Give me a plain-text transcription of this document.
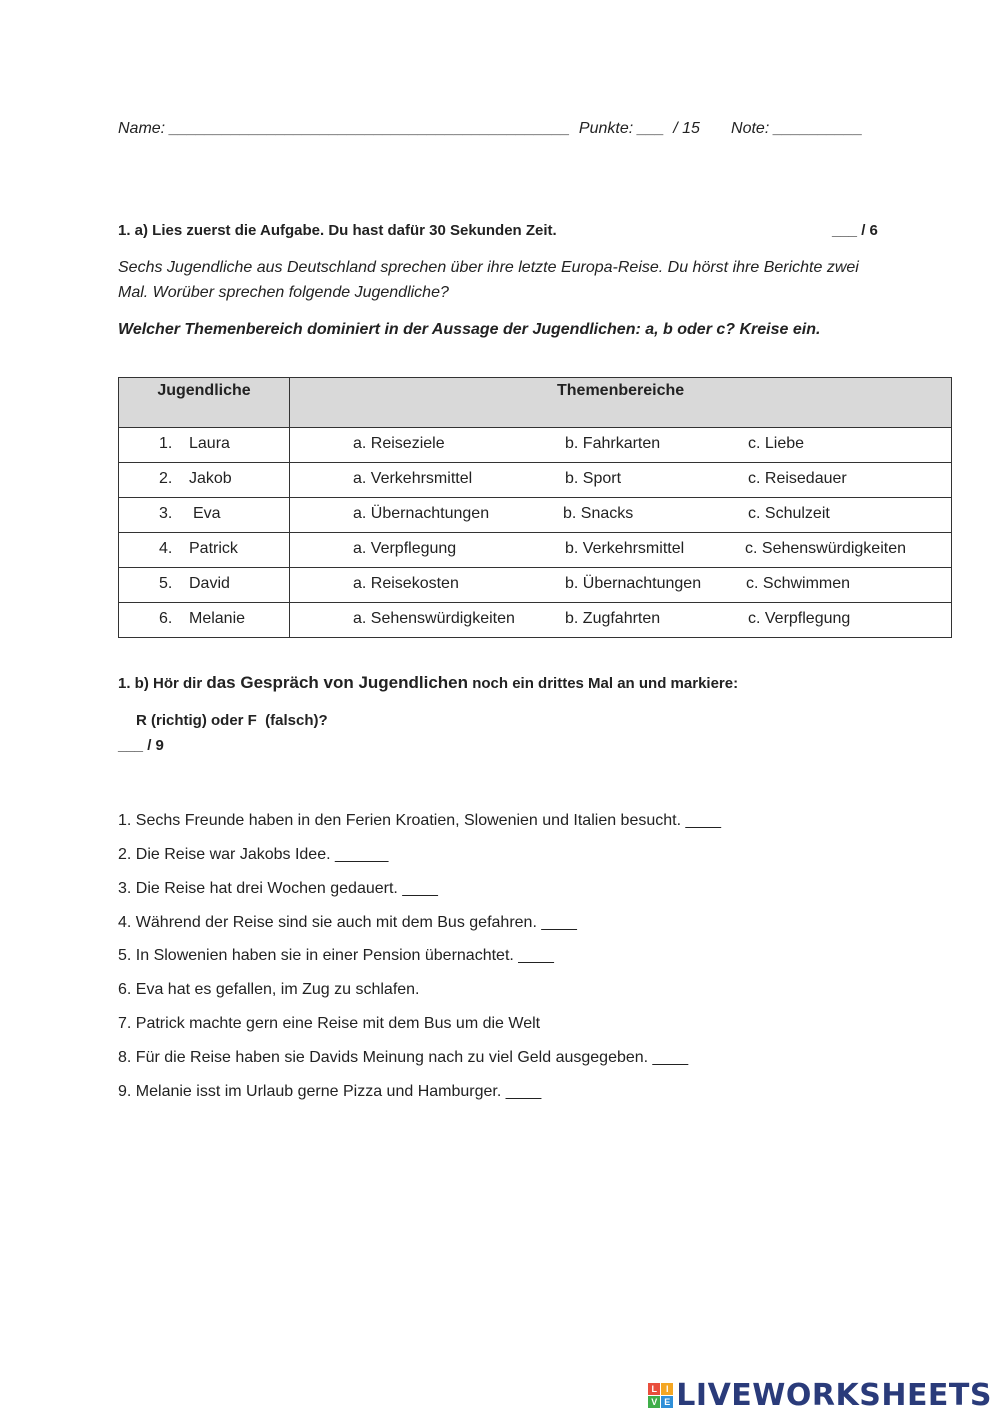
Name: _____________________________________________ Punkte: ___ / 15 Note: __________
1. a) Lies zuerst die Aufgabe. Du hast dafür 30 Sekunden Zeit.	___ / 6
Sechs Jugendliche aus Deutschland sprechen über ihre letzte Europa-Reise. Du hörst ihre Berichte zwei
Mal. Worüber sprechen folgende Jugendliche?
Welcher Themenbereich dominiert in der Aussage der Jugendlichen: a, b oder c? Kreise ein.
Jugendliche	Themenbereiche

1. Laura	a. Reiseziele b. Fahrkarten c. Liebe

2. Jakob	a. Verkehrsmittel b. Sport c. Reisedauer

3. Eva	a. Übernachtungen b. Snacks c. Schulzeit

4. Patrick	a. Verpflegung b. Verkehrsmittel c. Sehenswürdigkeiten

5. David	a. Reisekosten b. Übernachtungen c. Schwimmen

6. Melanie	a. Sehenswürdigkeiten b. Zugfahrten c. Verpflegung
1. b) Hör dir das Gespräch von Jugendlichen noch ein drittes Mal an und markiere:
R (richtig) oder F  (falsch)?
___ / 9
1. Sechs Freunde haben in den Ferien Kroatien, Slowenien und Italien besucht. ____
2. Die Reise war Jakobs Idee. ______
3. Die Reise hat drei Wochen gedauert. ____
4. Während der Reise sind sie auch mit dem Bus gefahren. ____
5. In Slowenien haben sie in einer Pension übernachtet. ____
6. Eva hat es gefallen, im Zug zu schlafen.
7. Patrick machte gern eine Reise mit dem Bus um die Welt
8. Für die Reise haben sie Davids Meinung nach zu viel Geld ausgegeben. ____
9. Melanie isst im Urlaub gerne Pizza und Hamburger. ____
L I
V E LIVEWORKSHEETS
